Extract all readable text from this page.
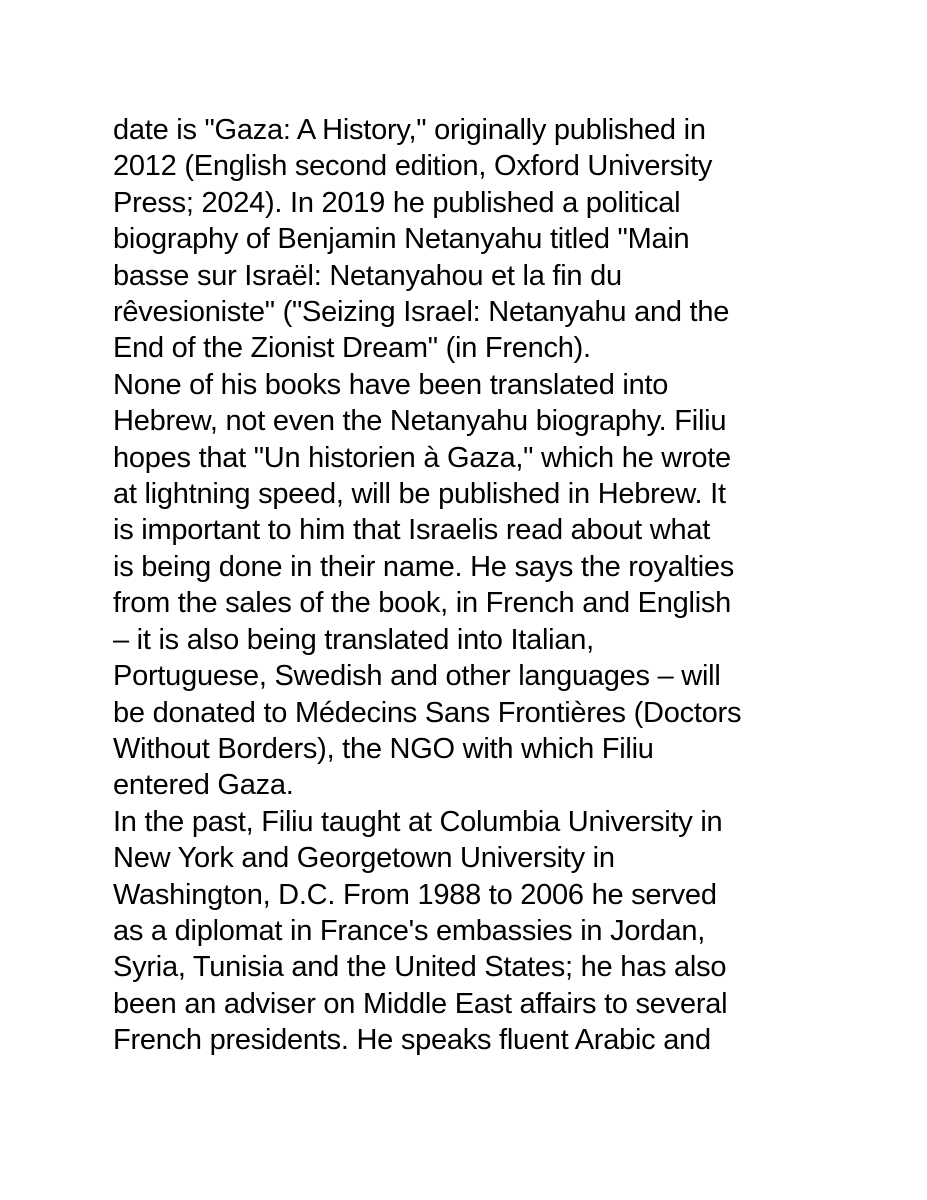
date is "Gaza: A History," originally published in
2012 (English second edition, Oxford University
Press; 2024). In 2019 he published a political
biography of Benjamin Netanyahu titled "Main
basse sur Israël: Netanyahou et la fin du
rêvesioniste" ("Seizing Israel: Netanyahu and the
End of the Zionist Dream" (in French).
None of his books have been translated into
Hebrew, not even the Netanyahu biography. Filiu
hopes that "Un historien à Gaza," which he wrote
at lightning speed, will be published in Hebrew. It
is important to him that Israelis read about what
is being done in their name. He says the royalties
from the sales of the book, in French and English
– it is also being translated into Italian,
Portuguese, Swedish and other languages – will
be donated to Médecins Sans Frontières (Doctors
Without Borders), the NGO with which Filiu
entered Gaza.
In the past, Filiu taught at Columbia University in
New York and Georgetown University in
Washington, D.C. From 1988 to 2006 he served
as a diplomat in France's embassies in Jordan,
Syria, Tunisia and the United States; he has also
been an adviser on Middle East affairs to several
French presidents. He speaks fluent Arabic and
